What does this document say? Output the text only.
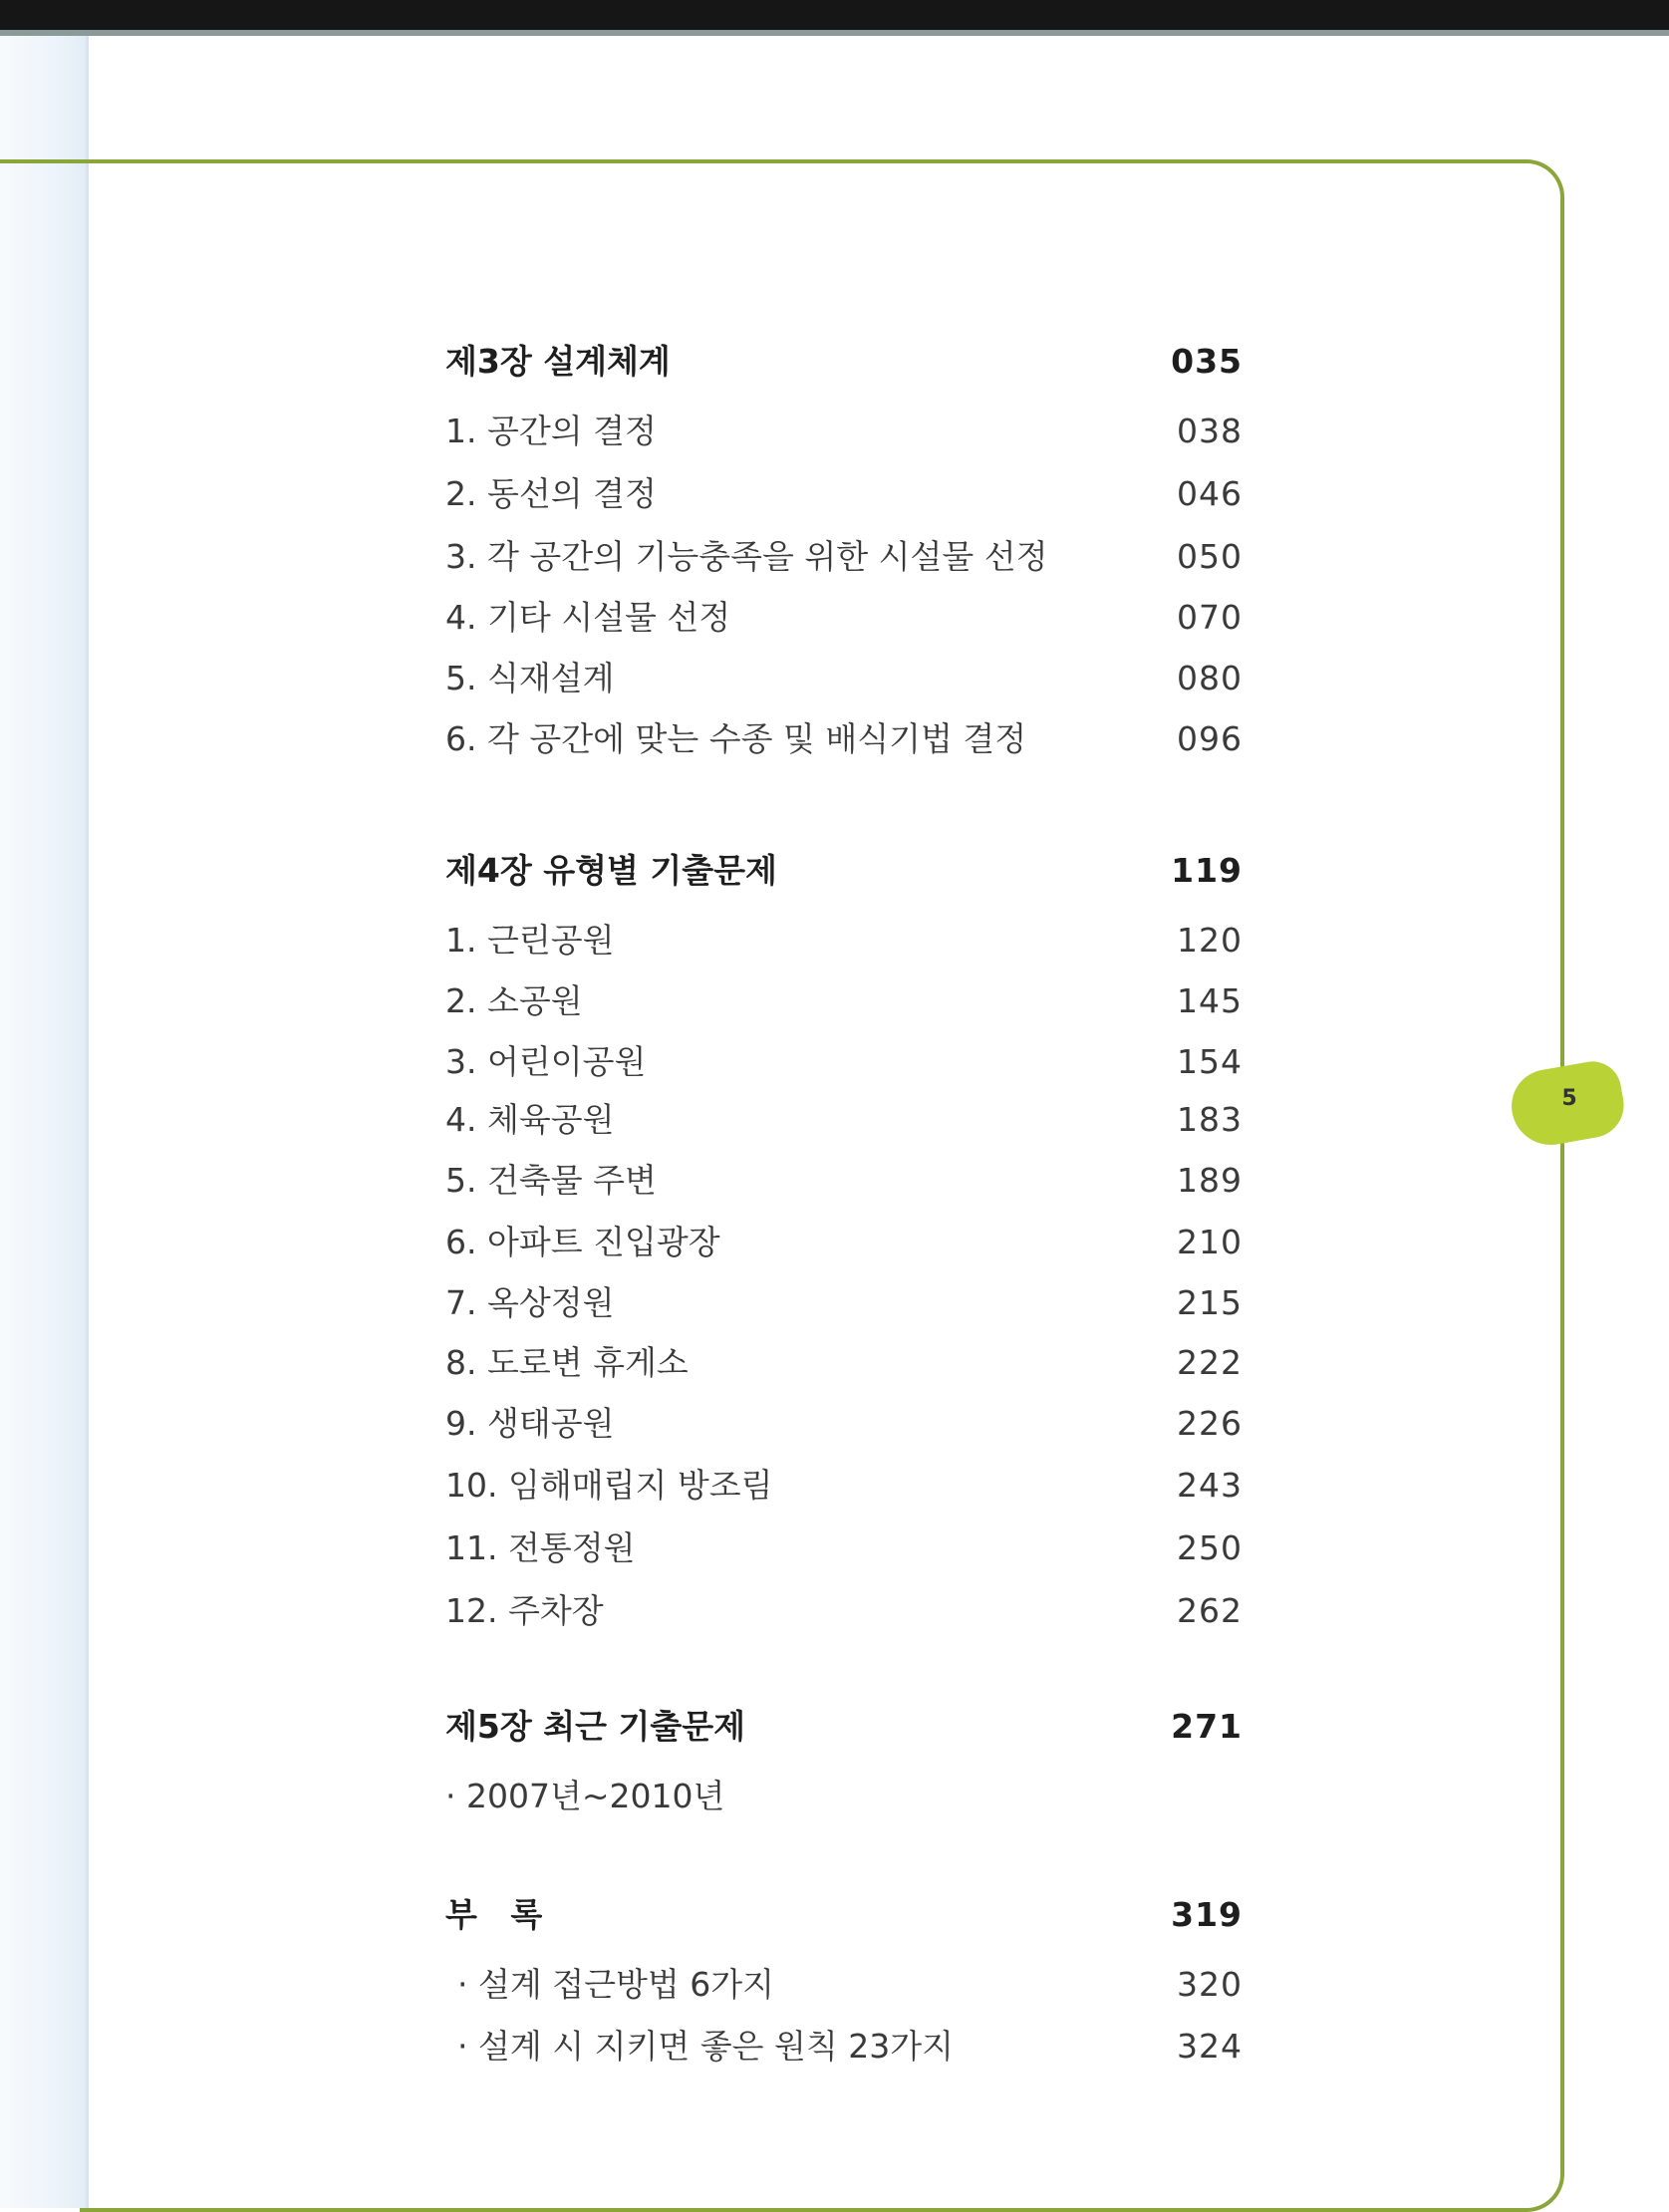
제3장 설계체계	035
1. 공간의 결정	038
2. 동선의 결정	046
3. 각 공간의 기능충족을 위한 시설물 선정	050
4. 기타 시설물 선정	070
5. 식재설계	080
6. 각 공간에 맞는 수종 및 배식기법 결정	096
제4장 유형별 기출문제	119
1. 근린공원	120
2. 소공원	145
3. 어린이공원	154
4. 체육공원	183
5. 건축물 주변	189
6. 아파트 진입광장	210
7. 옥상정원	215
8. 도로변 휴게소	222
9. 생태공원	226
10. 임해매립지 방조림	243
11. 전통정원	250
12. 주차장	262
제5장 최근 기출문제	271
· 2007년~2010년
부 록	319
· 설계 접근방법 6가지	320
· 설계 시 지키면 좋은 원칙 23가지	324
5
